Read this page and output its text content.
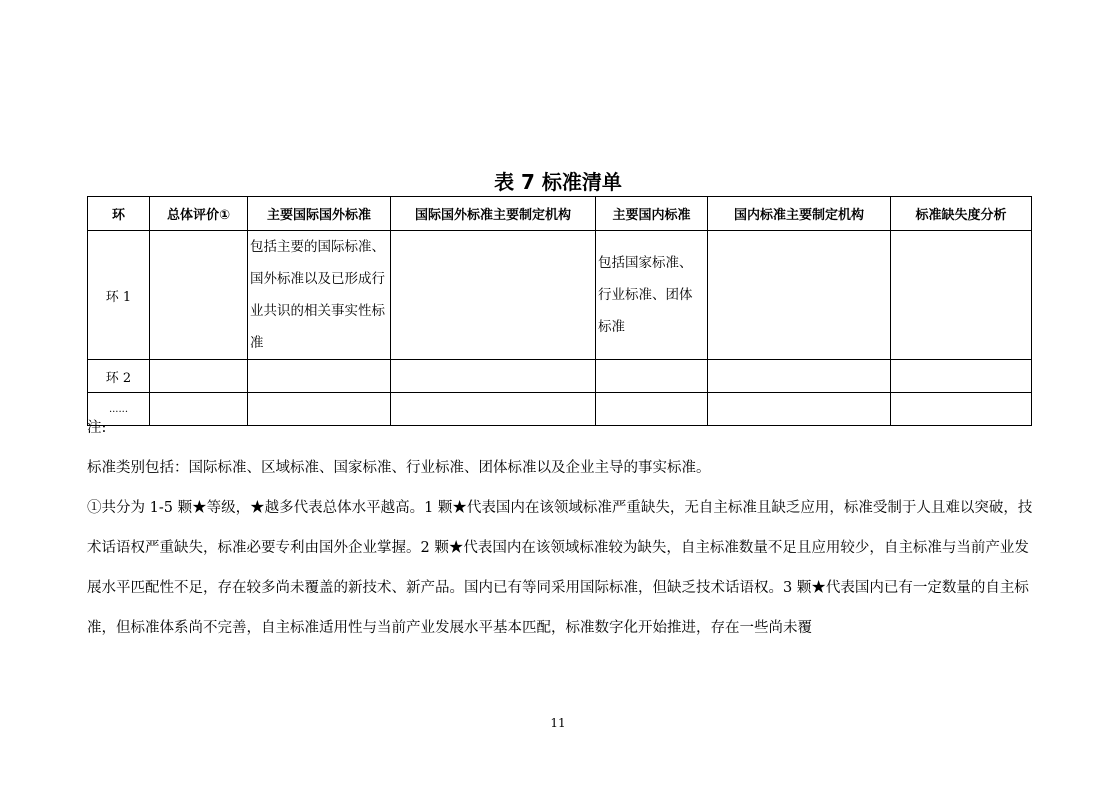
表 7 标准清单
环	总体评价①	主要国际国外标准	国际国外标准主要制定机构	主要国内标准	国内标准主要制定机构	标准缺失度分析
环 1		包括主要的国际标准、国外标准以及已形成行业共识的相关事实性标准		包括国家标准、行业标准、团体标准		
环 2						
......						

注:

标准类别包括：国际标准、区域标准、国家标准、行业标准、团体标准以及企业主导的事实标准。

①共分为 1-5 颗★等级，★越多代表总体水平越高。1 颗★代表国内在该领域标准严重缺失，无自主标准且缺乏应用，标准受制于人且难以突破，技术话语权严重缺失，标准必要专利由国外企业掌握。2 颗★代表国内在该领域标准较为缺失，自主标准数量不足且应用较少，自主标准与当前产业发展水平匹配性不足，存在较多尚未覆盖的新技术、新产品。国内已有等同采用国际标准，但缺乏技术话语权。3 颗★代表国内已有一定数量的自主标准，但标准体系尚不完善，自主标准适用性与当前产业发展水平基本匹配，标准数字化开始推进，存在一些尚未覆

11
